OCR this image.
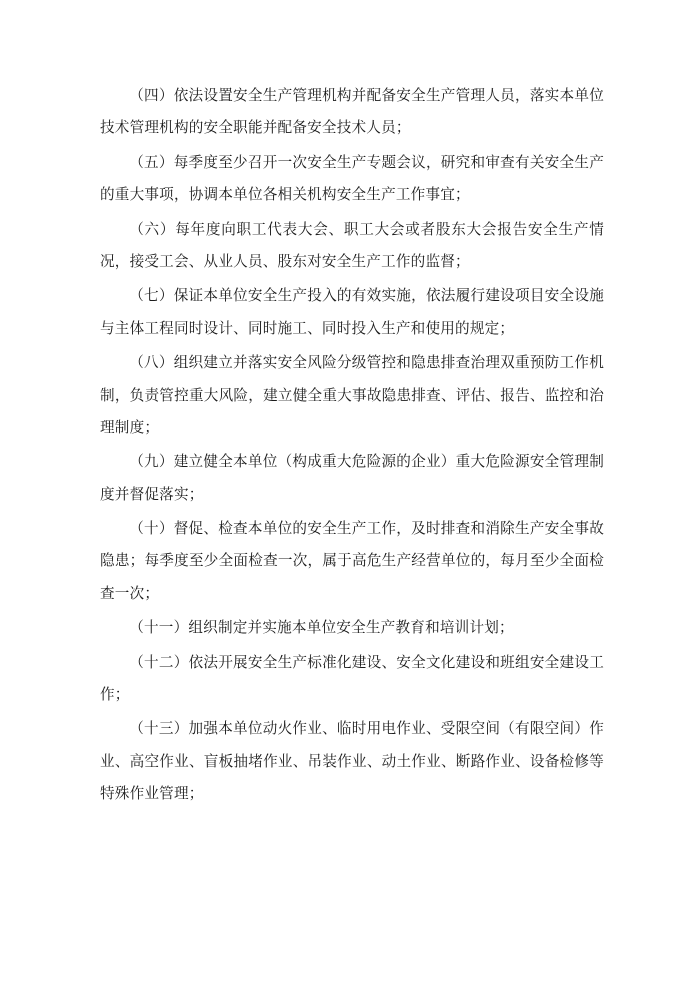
（四）依法设置安全生产管理机构并配备安全生产管理人员，落实本单位技术管理机构的安全职能并配备安全技术人员；

（五）每季度至少召开一次安全生产专题会议，研究和审查有关安全生产的重大事项，协调本单位各相关机构安全生产工作事宜；

（六）每年度向职工代表大会、职工大会或者股东大会报告安全生产情况，接受工会、从业人员、股东对安全生产工作的监督；

（七）保证本单位安全生产投入的有效实施，依法履行建设项目安全设施与主体工程同时设计、同时施工、同时投入生产和使用的规定；

（八）组织建立并落实安全风险分级管控和隐患排查治理双重预防工作机制，负责管控重大风险，建立健全重大事故隐患排查、评估、报告、监控和治理制度；

（九）建立健全本单位（构成重大危险源的企业）重大危险源安全管理制度并督促落实；

（十）督促、检查本单位的安全生产工作，及时排查和消除生产安全事故隐患；每季度至少全面检查一次，属于高危生产经营单位的，每月至少全面检查一次；

（十一）组织制定并实施本单位安全生产教育和培训计划；

（十二）依法开展安全生产标准化建设、安全文化建设和班组安全建设工作；

（十三）加强本单位动火作业、临时用电作业、受限空间（有限空间）作业、高空作业、盲板抽堵作业、吊装作业、动土作业、断路作业、设备检修等特殊作业管理；
